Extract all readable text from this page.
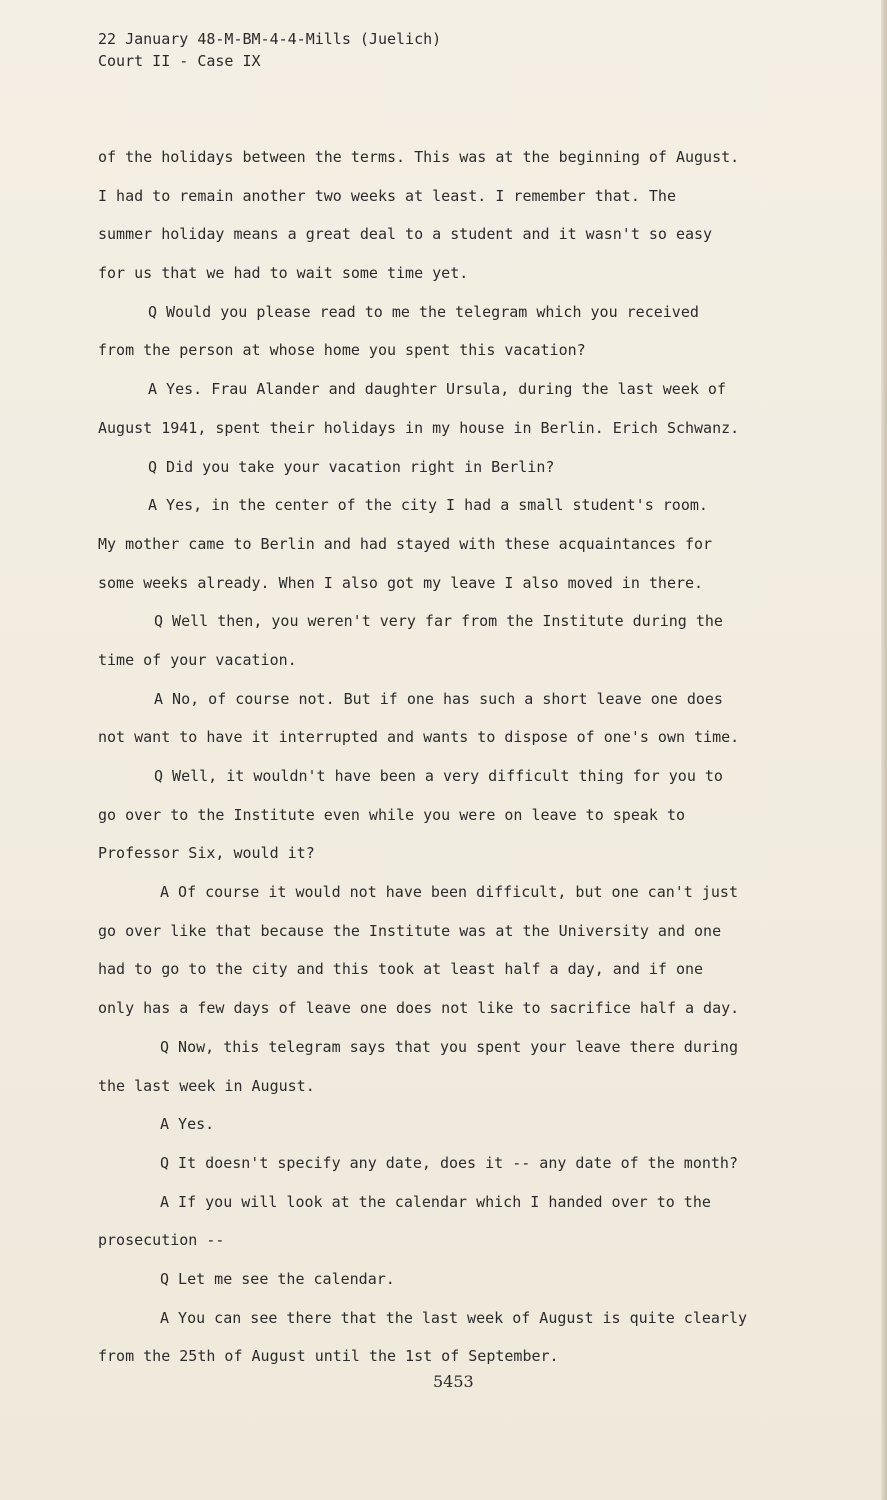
22 January 48-M-BM-4-4-Mills (Juelich)
Court II - Case IX
of the holidays between the terms. This was at the beginning of August.
I had to remain another two weeks at least. I remember that. The
summer holiday means a great deal to a student and it wasn't so easy
for us that we had to wait some time yet.
Q Would you please read to me the telegram which you received
from the person at whose home you spent this vacation?
A Yes. Frau Alander and daughter Ursula, during the last week of
August 1941, spent their holidays in my house in Berlin. Erich Schwanz.
Q Did you take your vacation right in Berlin?
A Yes, in the center of the city I had a small student's room.
My mother came to Berlin and had stayed with these acquaintances for
some weeks already. When I also got my leave I also moved in there.
Q Well then, you weren't very far from the Institute during the
time of your vacation.
A No, of course not. But if one has such a short leave one does
not want to have it interrupted and wants to dispose of one's own time.
Q Well, it wouldn't have been a very difficult thing for you to
go over to the Institute even while you were on leave to speak to
Professor Six, would it?
A Of course it would not have been difficult, but one can't just
go over like that because the Institute was at the University and one
had to go to the city and this took at least half a day, and if one
only has a few days of leave one does not like to sacrifice half a day.
Q Now, this telegram says that you spent your leave there during
the last week in August.
A Yes.
Q It doesn't specify any date, does it -- any date of the month?
A If you will look at the calendar which I handed over to the
prosecution --
Q Let me see the calendar.
A You can see there that the last week of August is quite clearly
from the 25th of August until the 1st of September.
5453
